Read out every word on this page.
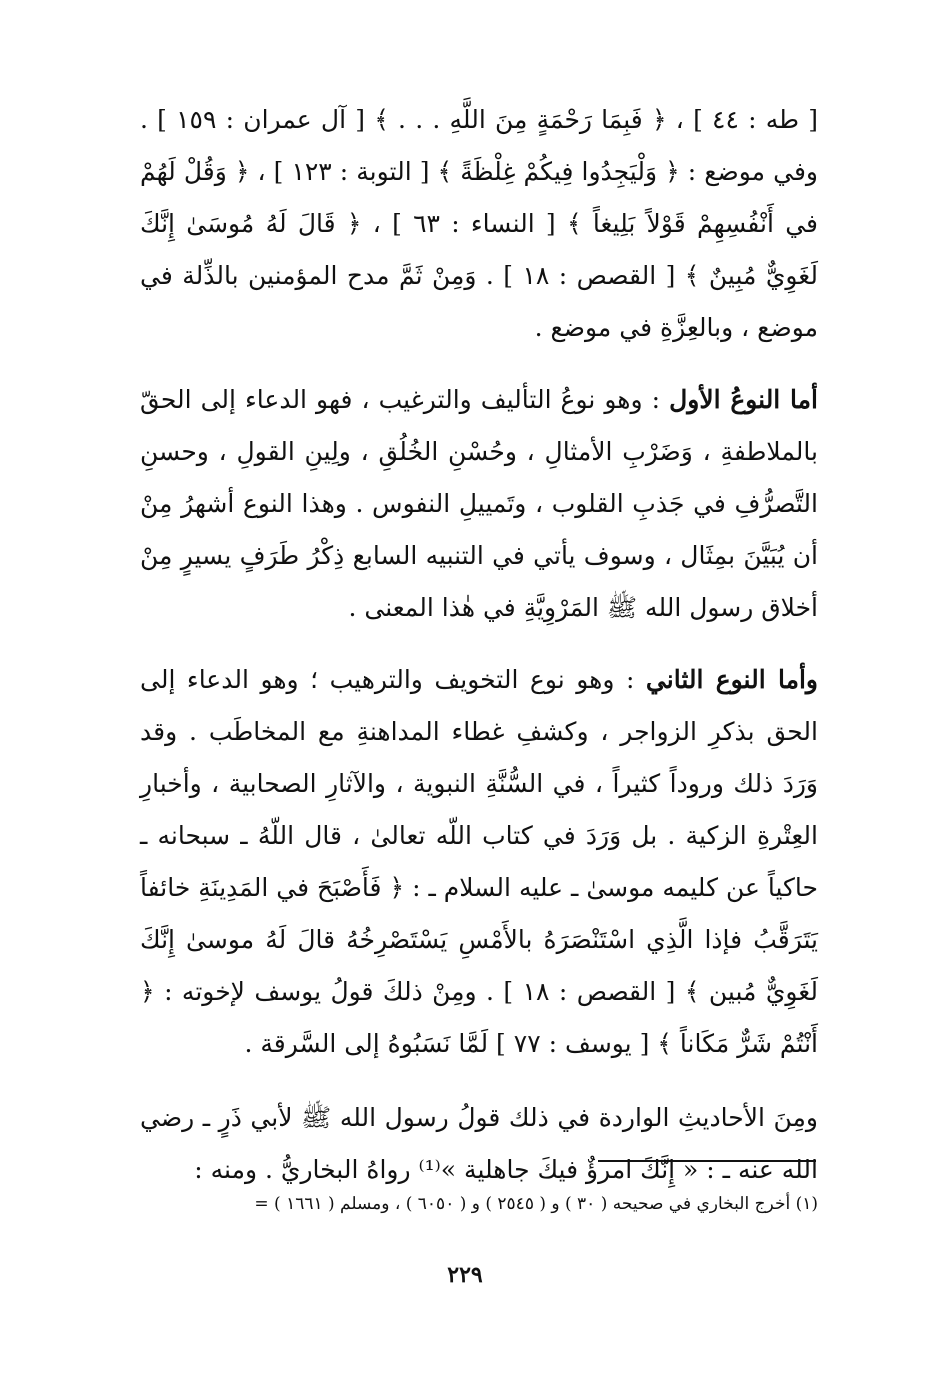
[ طه : ٤٤ ] ، ﴿ فَبِمَا رَحْمَةٍ مِنَ اللَّهِ . . . ﴾ [ آل عمران : ١٥٩ ] . وفي موضع : ﴿ وَلْيَجِدُوا فِيكُمْ غِلْظَةً ﴾ [ التوبة : ١٢٣ ] ، ﴿ وَقُلْ لَهُمْ في أَنْفُسِهِمْ قَوْلاً بَلِيغاً ﴾ [ النساء : ٦٣ ] ، ﴿ قَالَ لَهُ مُوسَىٰ إِنَّكَ لَغَوِيٌّ مُبِينٌ ﴾ [ القصص : ١٨ ] . وَمِنْ ثَمَّ مدح المؤمنين بالذِّلة في موضع ، وبالعِزَّةِ في موضع .

أما النوعُ الأول : وهو نوعُ التأليف والترغيب ، فهو الدعاء إلى الحقّ بالملاطفةِ ، وَضَرْبِ الأمثالِ ، وحُسْنِ الخُلُقِ ، ولِينِ القولِ ، وحسنِ التَّصرُّفِ في جَذبِ القلوب ، وتَمييلِ النفوس . وهذا النوع أشهرُ مِنْ أن يُبَيَّنَ بمِثَال ، وسوف يأتي في التنبيه السابع ذِكْرُ طَرَفٍ يسيرٍ مِنْ أخلاق رسول الله ﷺ المَرْوِيَّةِ في هٰذا المعنى .

وأما النوع الثاني : وهو نوع التخويف والترهيب ؛ وهو الدعاء إلى الحق بذكرِ الزواجر ، وكشفِ غطاء المداهنةِ مع المخاطَب . وقد وَرَدَ ذلك وروداً كثيراً ، في السُّنَّةِ النبوية ، والآثارِ الصحابية ، وأخبارِ العِتْرةِ الزكية . بل وَرَدَ في كتاب اللّه تعالىٰ ، قال اللّهُ ـ سبحانه ـ حاكياً عن كليمه موسىٰ ـ عليه السلام ـ : ﴿ فَأَصْبَحَ في المَدِينَةِ خائفاً يَتَرَقَّبُ فإذا الَّذِي اسْتَنْصَرَهُ بالأَمْسِ يَسْتَصْرِخُهُ قالَ لَهُ موسىٰ إِنَّكَ لَغَوِيٌّ مُبين ﴾ [ القصص : ١٨ ] . ومِنْ ذلكَ قولُ يوسف لإخوته : ﴿ أَنْتُمْ شَرٌّ مَكَاناً ﴾ [ يوسف : ٧٧ ] لَمَّا نَسَبُوهُ إلى السَّرقة .

ومِنَ الأحاديثِ الواردة في ذلك قولُ رسول الله ﷺ لأبي ذَرٍ ـ رضي الله عنه ـ : « إِنَّكَ امرؤٌ فيكَ جاهلية »⁽¹⁾ رواهُ البخاريُّ . ومنه :

(١) أخرج البخاري في صحيحه ( ٣٠ ) و ( ٢٥٤٥ ) و ( ٦٠٥٠ ) ، ومسلم ( ١٦٦١ ) =
٢٢٩
